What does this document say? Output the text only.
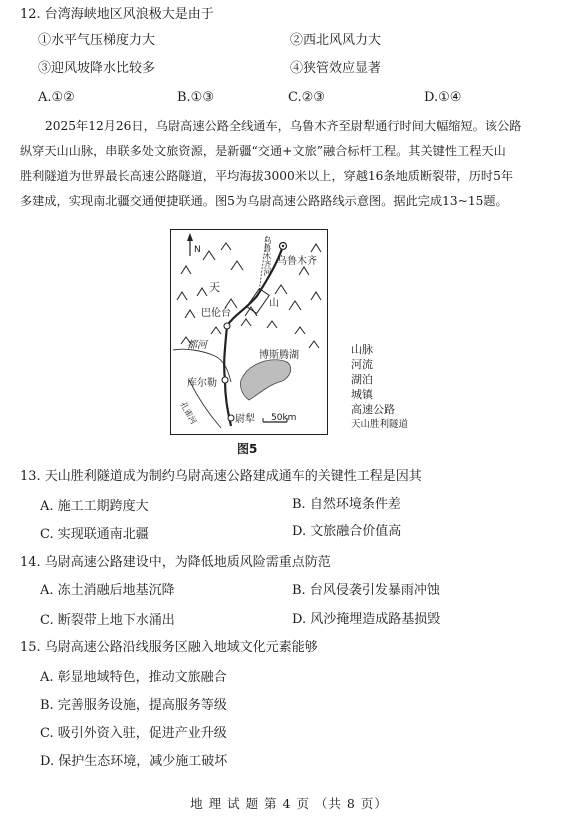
12. 台湾海峡地区风浪极大是由于
①水平气压梯度力大	②西北风风力大
③迎风坡降水比较多	④狭管效应显著
A.①②	B.①③	C.②③	D.①④

2025年12月26日，乌尉高速公路全线通车，乌鲁木齐至尉犁通行时间大幅缩短。该公路

纵穿天山山脉，串联多处文旅资源，是新疆“交通+文旅”融合标杆工程。其关键性工程天山

胜利隧道为世界最长高速公路隧道，平均海拔3000米以上，穿越16条地质断裂带，历时5年

多建成，实现南北疆交通便捷联通。图5为乌尉高速公路路线示意图。据此完成13~15题。

N	乌鲁木齐河 乌鲁木齐
天
山
巴伦台
都河
博斯腾湖
库尔勒
孔雀河	尉犁 50km
山脉
河流
湖泊
城镇
高速公路
天山胜利隧道
图5
13. 天山胜利隧道成为制约乌尉高速公路建成通车的关键性工程是因其
A. 施工工期跨度大	B. 自然环境条件差
C. 实现联通南北疆	D. 文旅融合价值高
14. 乌尉高速公路建设中，为降低地质风险需重点防范
A. 冻土消融后地基沉降	B. 台风侵袭引发暴雨冲蚀
C. 断裂带上地下水涌出	D. 风沙掩埋造成路基损毁
15. 乌尉高速公路沿线服务区融入地域文化元素能够
A. 彰显地域特色，推动文旅融合
B. 完善服务设施，提高服务等级
C. 吸引外资入驻，促进产业升级
D. 保护生态环境，减少施工破坏
地 理 试 题 第 4 页 （共 8 页）
